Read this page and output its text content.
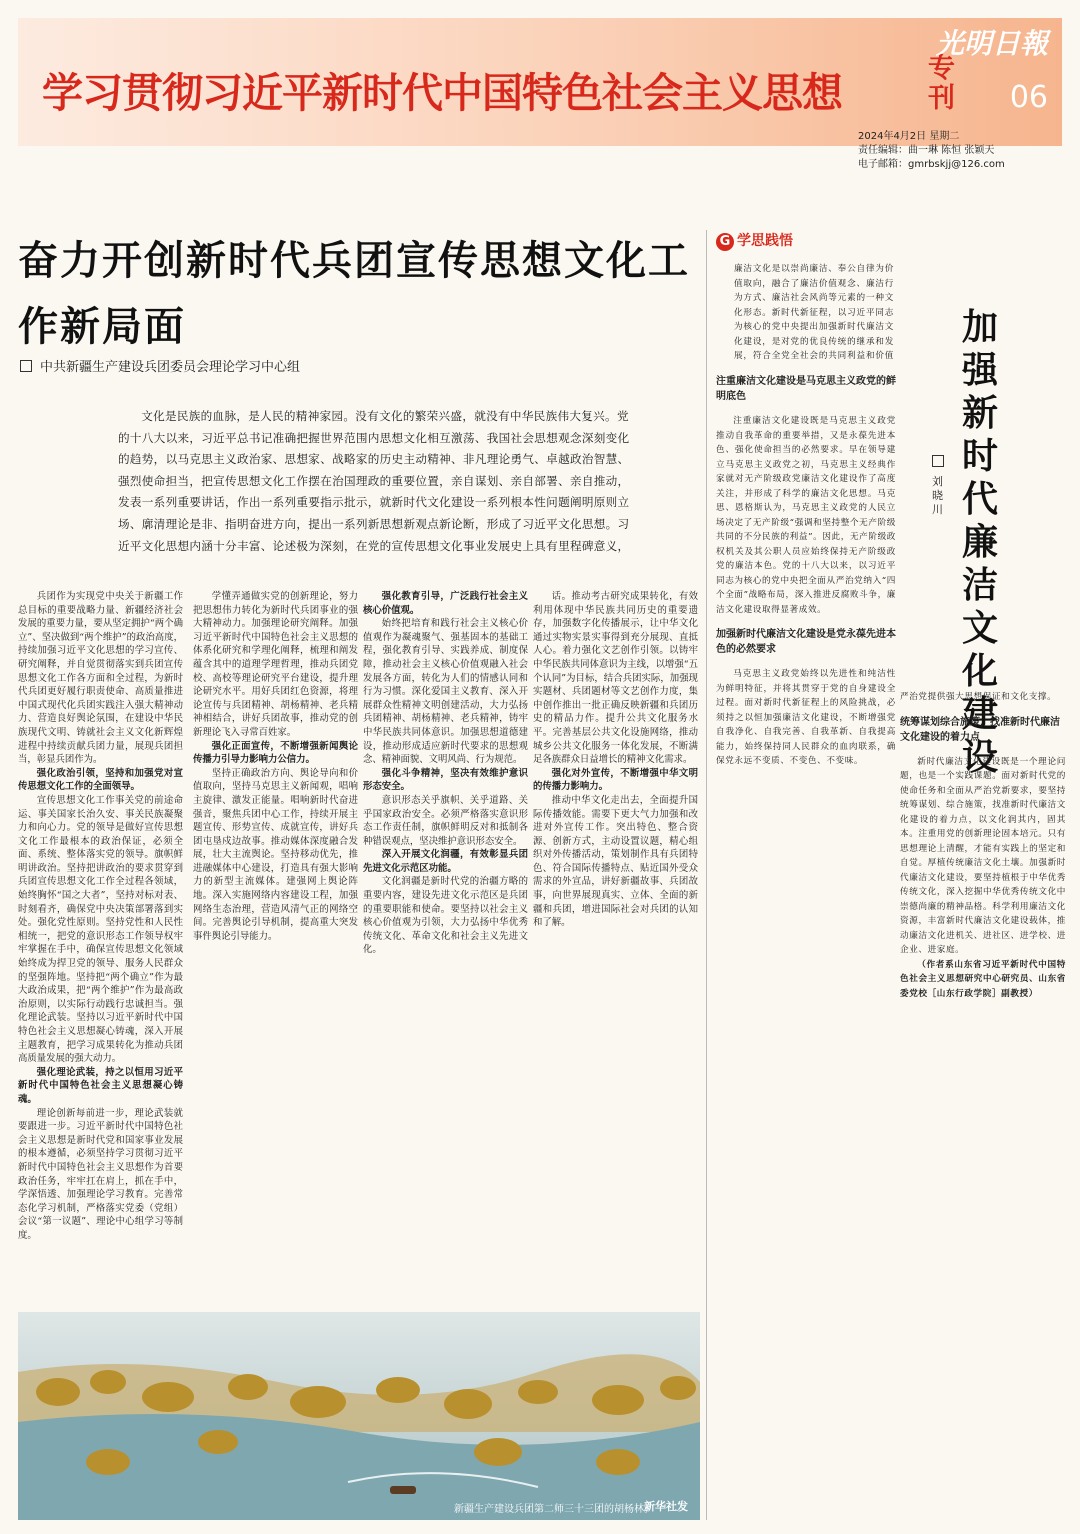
学习贯彻习近平新时代中国特色社会主义思想
专刊
光明日報
06
2024年4月2日 星期二
责任编辑：曲一琳 陈恒 张颖天
电子邮箱：gmrbskjj@126.com
奋力开创新时代兵团宣传思想文化工作新局面
中共新疆生产建设兵团委员会理论学习中心组
文化是民族的血脉，是人民的精神家园。没有文化的繁荣兴盛，就没有中华民族伟大复兴。党的十八大以来，习近平总书记准确把握世界范围内思想文化相互激荡、我国社会思想观念深刻变化的趋势，以马克思主义政治家、思想家、战略家的历史主动精神、非凡理论勇气、卓越政治智慧、强烈使命担当，把宣传思想文化工作摆在治国理政的重要位置，亲自谋划、亲自部署、亲自推动，发表一系列重要讲话，作出一系列重要指示批示，就新时代文化建设一系列根本性问题阐明原则立场、廓清理论是非、指明奋进方向，提出一系列新思想新观点新论断，形成了习近平文化思想。习近平文化思想内涵十分丰富、论述极为深刻，在党的宣传思想文化事业发展史上具有里程碑意义，

兵团作为实现党中央关于新疆工作总目标的重要战略力量、新疆经济社会发展的重要力量，要从坚定拥护“两个确立”、坚决做到“两个维护”的政治高度，持续加强习近平文化思想的学习宣传、研究阐释，并自觉贯彻落实到兵团宣传思想文化工作各方面和全过程，为新时代兵团更好履行职责使命、高质量推进中国式现代化兵团实践注入强大精神动力、营造良好舆论氛围，在建设中华民族现代文明、铸就社会主义文化新辉煌进程中持续贡献兵团力量，展现兵团担当，彰显兵团作为。

强化政治引领，坚持和加强党对宣传思想文化工作的全面领导。

宣传思想文化工作事关党的前途命运、事关国家长治久安、事关民族凝聚力和向心力。党的领导是做好宣传思想文化工作最根本的政治保证，必须全面、系统、整体落实党的领导。旗帜鲜明讲政治。坚持把讲政治的要求贯穿到兵团宣传思想文化工作全过程各领域，始终胸怀“国之大者”，坚持对标对表、时刻看齐，确保党中央决策部署落到实处。强化党性原则。坚持党性和人民性相统一，把党的意识形态工作领导权牢牢掌握在手中，确保宣传思想文化领域始终成为捍卫党的领导、服务人民群众的坚强阵地。坚持把“两个确立”作为最大政治成果，把“两个维护”作为最高政治原则，以实际行动践行忠诚担当。强化理论武装。坚持以习近平新时代中国特色社会主义思想凝心铸魂，深入开展主题教育，把学习成果转化为推动兵团高质量发展的强大动力。

强化理论武装，持之以恒用习近平新时代中国特色社会主义思想凝心铸魂。

理论创新每前进一步，理论武装就要跟进一步。习近平新时代中国特色社会主义思想是新时代党和国家事业发展的根本遵循，必须坚持学习贯彻习近平新时代中国特色社会主义思想作为首要政治任务，牢牢扛在肩上，抓在手中，学深悟透、加强理论学习教育。完善常态化学习机制，严格落实党委（党组）会议“第一议题”、理论中心组学习等制度。

学懂弄通做实党的创新理论，努力把思想伟力转化为新时代兵团事业的强大精神动力。加强理论研究阐释。加强习近平新时代中国特色社会主义思想的体系化研究和学理化阐释，梳理和阐发蕴含其中的道理学理哲理，推动兵团党校、高校等理论研究平台建设，提升理论研究水平。用好兵团红色资源，将理论宣传与兵团精神、胡杨精神、老兵精神相结合，讲好兵团故事，推动党的创新理论飞入寻常百姓家。

强化正面宣传，不断增强新闻舆论传播力引导力影响力公信力。

坚持正确政治方向、舆论导向和价值取向，坚持马克思主义新闻观，唱响主旋律、激发正能量。唱响新时代奋进强音，聚焦兵团中心工作，持续开展主题宣传、形势宣传、成就宣传，讲好兵团屯垦戍边故事。推动媒体深度融合发展，壮大主流舆论。坚持移动优先，推进融媒体中心建设，打造具有强大影响力的新型主流媒体。建强网上舆论阵地。深入实施网络内容建设工程，加强网络生态治理，营造风清气正的网络空间。完善舆论引导机制，提高重大突发事件舆论引导能力。

强化教育引导，广泛践行社会主义核心价值观。

始终把培育和践行社会主义核心价值观作为凝魂聚气、强基固本的基础工程，强化教育引导、实践养成、制度保障，推动社会主义核心价值观融入社会发展各方面，转化为人们的情感认同和行为习惯。深化爱国主义教育、深入开展群众性精神文明创建活动，大力弘扬兵团精神、胡杨精神、老兵精神，铸牢中华民族共同体意识。加强思想道德建设，推动形成适应新时代要求的思想观念、精神面貌、文明风尚、行为规范。

强化斗争精神，坚决有效维护意识形态安全。

意识形态关乎旗帜、关乎道路、关乎国家政治安全。必须严格落实意识形态工作责任制，旗帜鲜明反对和抵制各种错误观点，坚决维护意识形态安全。

深入开展文化润疆，有效彰显兵团先进文化示范区功能。

文化润疆是新时代党的治疆方略的重要内容，建设先进文化示范区是兵团的重要职能和使命。要坚持以社会主义核心价值观为引领，大力弘扬中华优秀传统文化、革命文化和社会主义先进文化。

话。推动考古研究成果转化，有效利用体现中华民族共同历史的重要遗存，加强数字化传播展示，让中华文化通过实物实景实事得到充分展现、直抵人心。着力强化文艺创作引领。以铸牢中华民族共同体意识为主线，以增强“五个认同”为目标，结合兵团实际，加强现实题材、兵团题材等文艺创作力度，集中创作推出一批正确反映新疆和兵团历史的精品力作。提升公共文化服务水平。完善基层公共文化设施网络，推动城乡公共文化服务一体化发展，不断满足各族群众日益增长的精神文化需求。

强化对外宣传，不断增强中华文明的传播力影响力。

推动中华文化走出去，全面提升国际传播效能。需要下更大气力加强和改进对外宣传工作。突出特色、整合资源、创新方式，主动设置议题，精心组织对外传播活动，策划制作具有兵团特色、符合国际传播特点、贴近国外受众需求的外宣品，讲好新疆故事、兵团故事，向世界展现真实、立体、全面的新疆和兵团，增进国际社会对兵团的认知和了解。

新疆生产建设兵团第二师三十三团的胡杨林。
新华社发
G 学思践悟
加强新时代廉洁文化建设
刘晓川
廉洁文化是以崇尚廉洁、奉公自律为价值取向，融合了廉洁价值观念、廉洁行为方式、廉洁社会风尚等元素的一种文化形态。新时代新征程，以习近平同志为核心的党中央提出加强新时代廉洁文化建设，是对党的优良传统的继承和发展，符合全党全社会的共同利益和价值

注重廉洁文化建设是马克思主义政党的鲜明底色

注重廉洁文化建设既是马克思主义政党推动自我革命的重要举措，又是永葆先进本色、强化使命担当的必然要求。早在领导建立马克思主义政党之初，马克思主义经典作家就对无产阶级政党廉洁文化建设作了高度关注，并形成了科学的廉洁文化思想。马克思、恩格斯认为，马克思主义政党的人民立场决定了无产阶级“强调和坚持整个无产阶级共同的不分民族的利益”。因此，无产阶级政权机关及其公职人员应始终保持无产阶级政党的廉洁本色。党的十八大以来，以习近平同志为核心的党中央把全面从严治党纳入“四个全面”战略布局，深入推进反腐败斗争，廉洁文化建设取得显著成效。

加强新时代廉洁文化建设是党永葆先进本色的必然要求

马克思主义政党始终以先进性和纯洁性为鲜明特征，并将其贯穿于党的自身建设全过程。面对新时代新征程上的风险挑战，必须持之以恒加强廉洁文化建设，不断增强党自我净化、自我完善、自我革新、自我提高能力，始终保持同人民群众的血肉联系，确保党永远不变质、不变色、不变味。

严治党提供强大思想保证和文化支撑。

统筹谋划综合施策，找准新时代廉洁文化建设的着力点

新时代廉洁文化建设既是一个理论问题，也是一个实践课题。面对新时代党的使命任务和全面从严治党新要求，要坚持统筹谋划、综合施策，找准新时代廉洁文化建设的着力点，以文化润其内，固其本。注重用党的创新理论固本培元。只有思想理论上清醒，才能有实践上的坚定和自觉。厚植传统廉洁文化土壤。加强新时代廉洁文化建设，要坚持植根于中华优秀传统文化，深入挖掘中华优秀传统文化中崇德尚廉的精神品格。科学利用廉洁文化资源，丰富新时代廉洁文化建设载体，推动廉洁文化进机关、进社区、进学校、进企业、进家庭。

（作者系山东省习近平新时代中国特色社会主义思想研究中心研究员、山东省委党校［山东行政学院］副教授）
